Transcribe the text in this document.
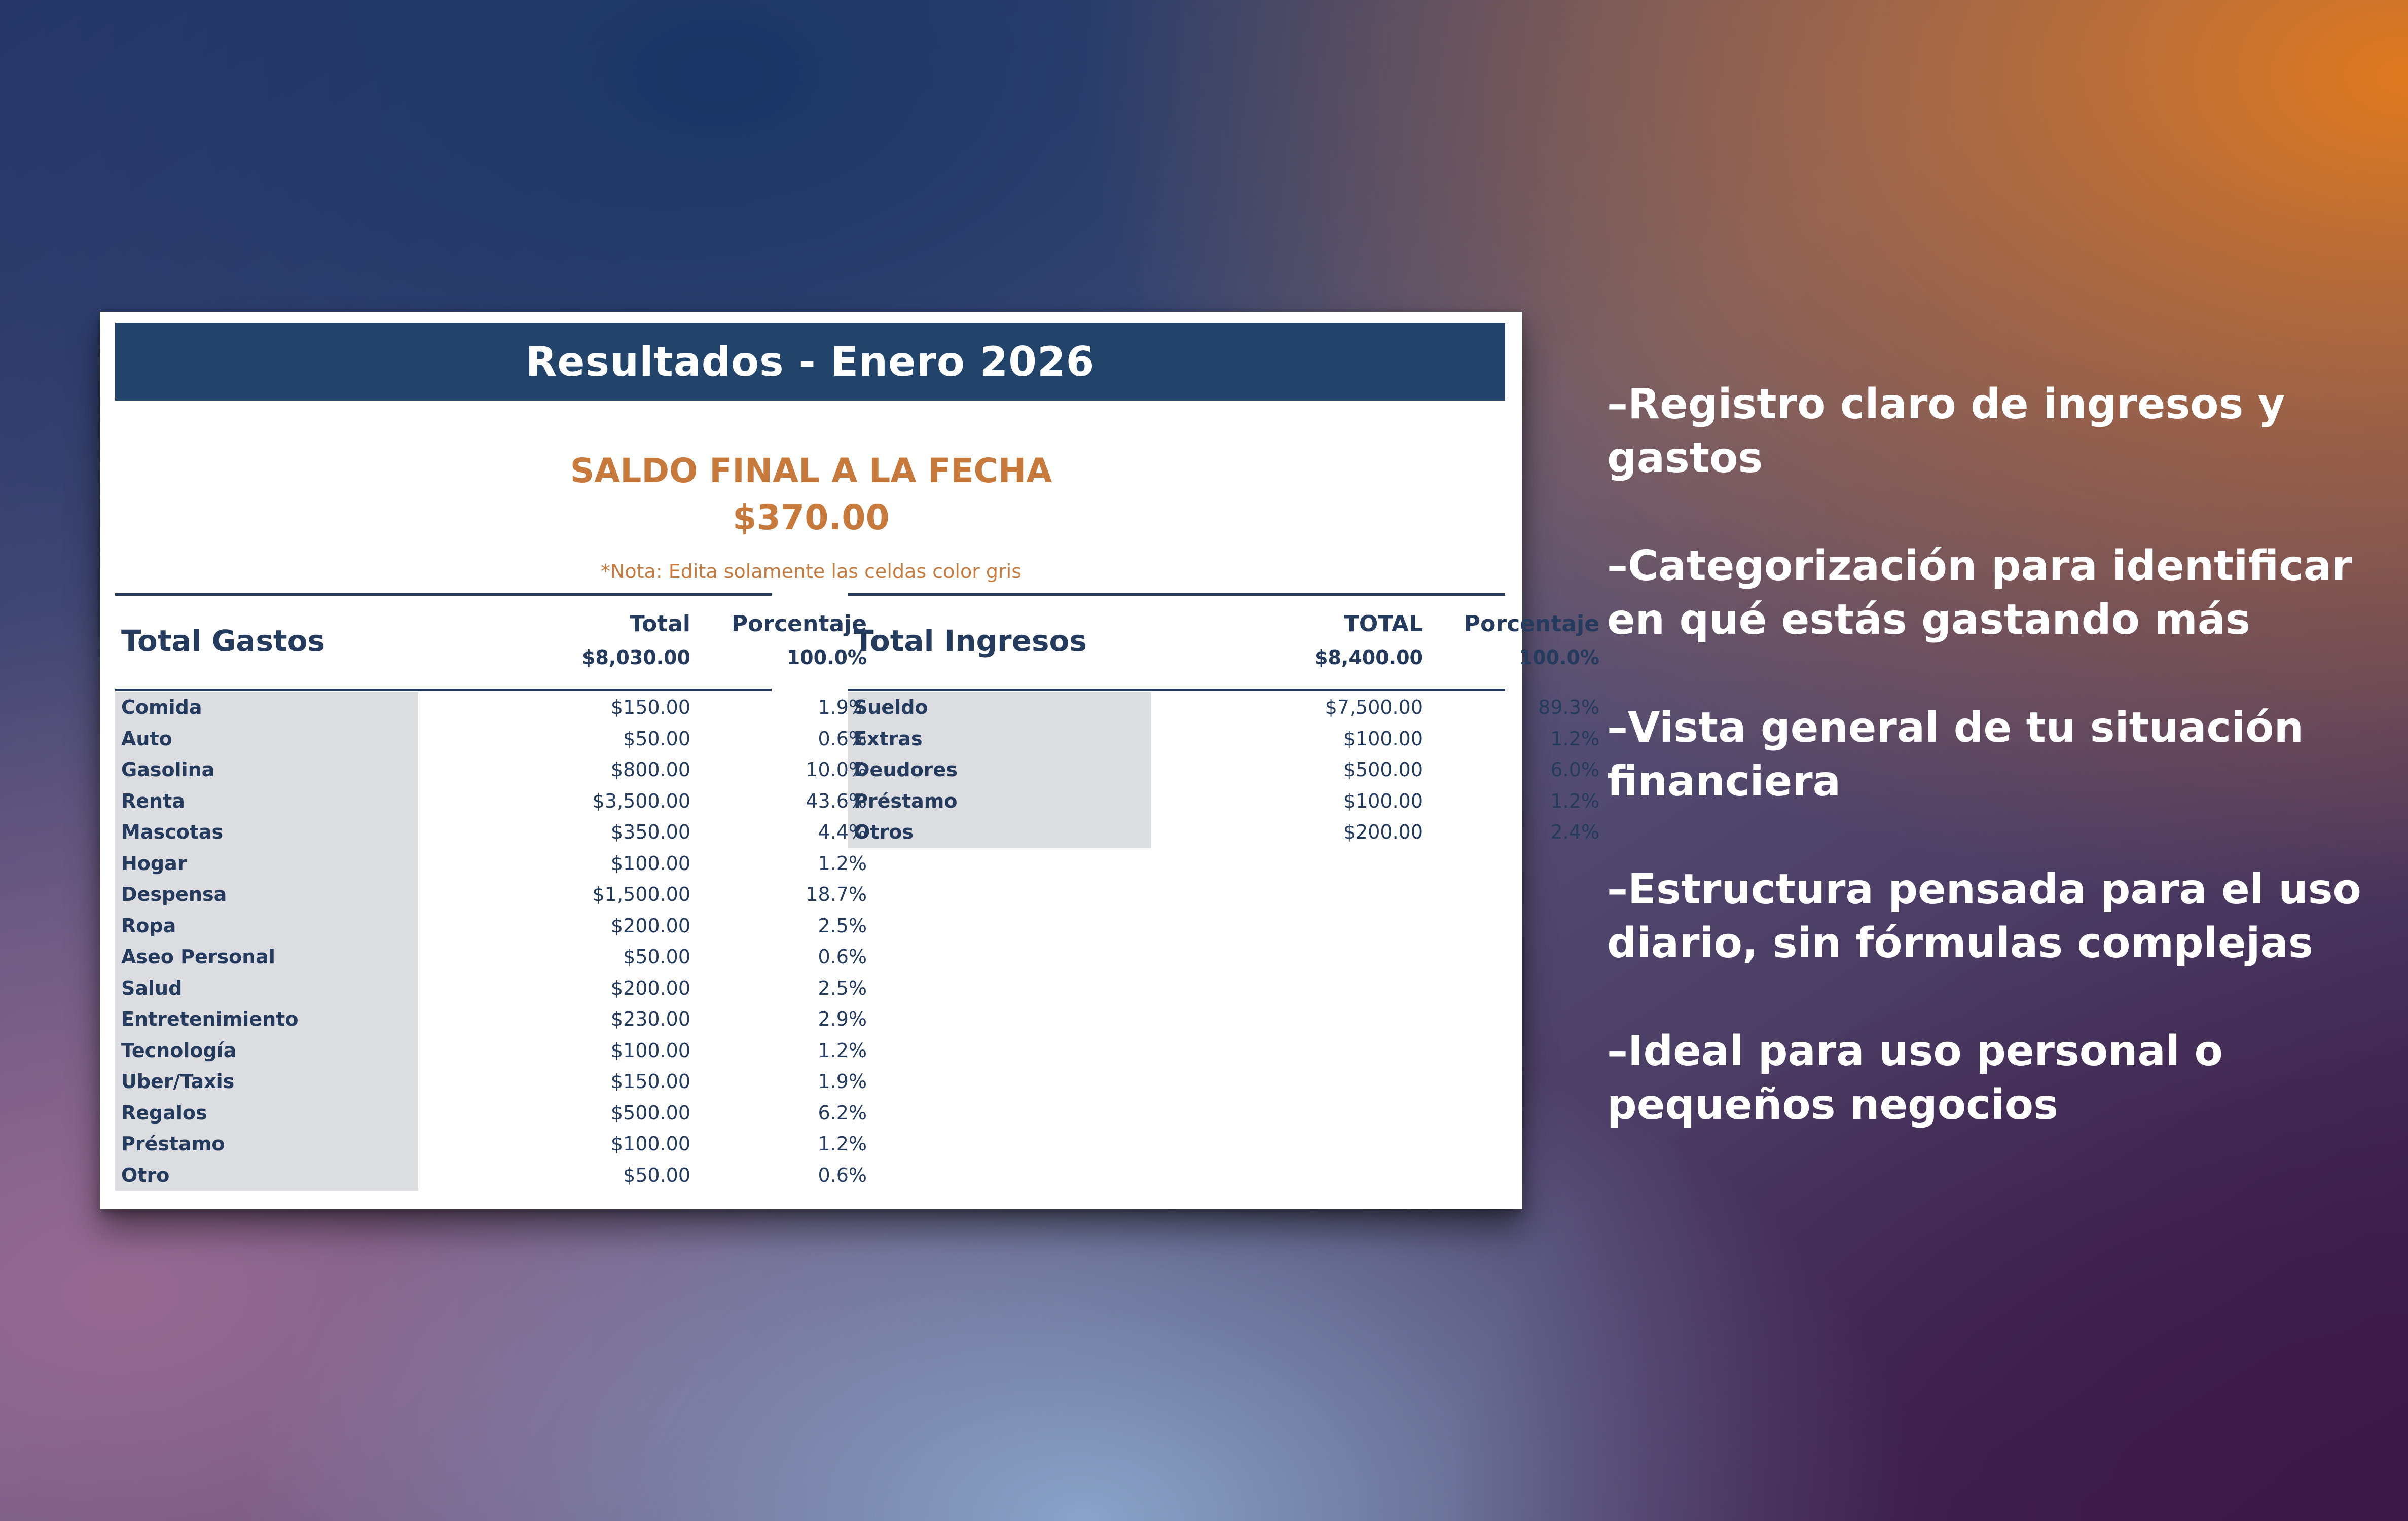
Resultados - Enero 2026
SALDO FINAL A LA FECHA
$370.00
*Nota: Edita solamente las celdas color gris
Total Gastos	Total	Porcentaje
$8,030.00	100.0%
Total Ingresos	TOTAL	Porcentaje
$8,400.00	100.0%
Comida	$150.00	1.9%
Auto	$50.00	0.6%
Gasolina	$800.00	10.0%
Renta	$3,500.00	43.6%
Mascotas	$350.00	4.4%
Hogar	$100.00	1.2%
Despensa	$1,500.00	18.7%
Ropa	$200.00	2.5%
Aseo Personal	$50.00	0.6%
Salud	$200.00	2.5%
Entretenimiento	$230.00	2.9%
Tecnología	$100.00	1.2%
Uber/Taxis	$150.00	1.9%
Regalos	$500.00	6.2%
Préstamo	$100.00	1.2%
Otro	$50.00	0.6%
Sueldo	$7,500.00	89.3%
Extras	$100.00	1.2%
Deudores	$500.00	6.0%
Préstamo	$100.00	1.2%
Otros	$200.00	2.4%
–Registro claro de ingresos y gastos
–Categorización para identificar en qué estás gastando más
–Vista general de tu situación financiera
–Estructura pensada para el uso diario, sin fórmulas complejas
–Ideal para uso personal o pequeños negocios
